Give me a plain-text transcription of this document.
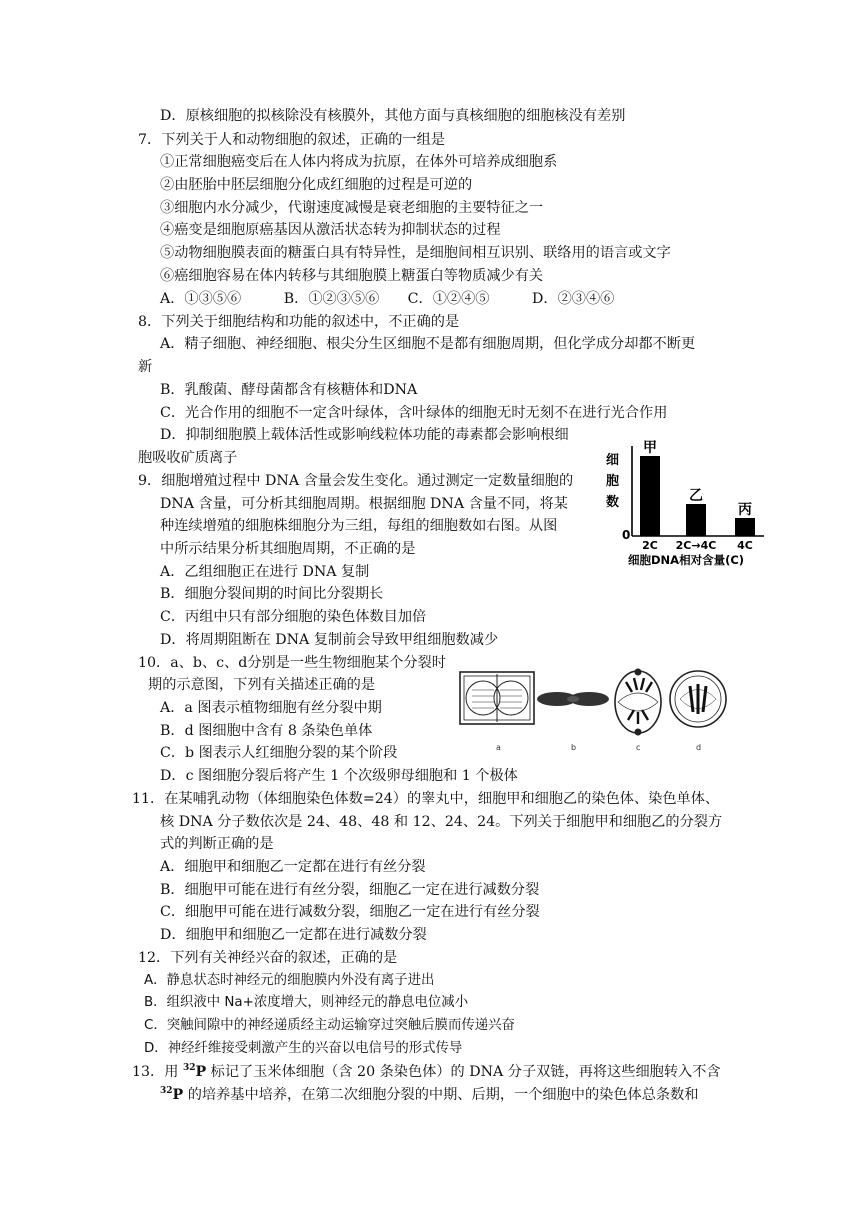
D．原核细胞的拟核除没有核膜外，其他方面与真核细胞的细胞核没有差别
7．下列关于人和动物细胞的叙述，正确的一组是
①正常细胞癌变后在人体内将成为抗原，在体外可培养成细胞系
②由胚胎中胚层细胞分化成红细胞的过程是可逆的
③细胞内水分减少，代谢速度减慢是衰老细胞的主要特征之一
④癌变是细胞原癌基因从激活状态转为抑制状态的过程
⑤动物细胞膜表面的糖蛋白具有特异性，是细胞间相互识别、联络用的语言或文字
⑥癌细胞容易在体内转移与其细胞膜上糖蛋白等物质减少有关
A．①③⑤⑥　　　B．①②③⑤⑥　　C．①②④⑤　　　D．②③④⑥
8．下列关于细胞结构和功能的叙述中，不正确的是
A．精子细胞、神经细胞、根尖分生区细胞不是都有细胞周期，但化学成分却都不断更
新
B．乳酸菌、酵母菌都含有核糖体和DNA
C．光合作用的细胞不一定含叶绿体，含叶绿体的细胞无时无刻不在进行光合作用
D．抑制细胞膜上载体活性或影响线粒体功能的毒素都会影响根细
胞吸收矿质离子
9．细胞增殖过程中 DNA 含量会发生变化。通过测定一定数量细胞的
DNA 含量，可分析其细胞周期。根据细胞 DNA 含量不同，将某
种连续增殖的细胞株细胞分为三组，每组的细胞数如右图。从图
中所示结果分析其细胞周期，不正确的是
A．乙组细胞正在进行 DNA 复制
B．细胞分裂间期的时间比分裂期长
C．丙组中只有部分细胞的染色体数目加倍
D．将周期阻断在 DNA 复制前会导致甲组细胞数减少
10．a、b、c、d分别是一些生物细胞某个分裂时
期的示意图，下列有关描述正确的是
A．a 图表示植物细胞有丝分裂中期
B．d 图细胞中含有 8 条染色单体
C．b 图表示人红细胞分裂的某个阶段
D．c 图细胞分裂后将产生 1 个次级卵母细胞和 1 个极体
11．在某哺乳动物（体细胞染色体数=24）的睾丸中，细胞甲和细胞乙的染色体、染色单体、
核 DNA 分子数依次是 24、48、48 和 12、24、24。下列关于细胞甲和细胞乙的分裂方
式的判断正确的是
A．细胞甲和细胞乙一定都在进行有丝分裂
B．细胞甲可能在进行有丝分裂，细胞乙一定在进行减数分裂
C．细胞甲可能在进行减数分裂，细胞乙一定在进行有丝分裂
D．细胞甲和细胞乙一定都在进行减数分裂
12．下列有关神经兴奋的叙述，正确的是
A．静息状态时神经元的细胞膜内外没有离子进出
B．组织液中 Na+浓度增大，则神经元的静息电位减小
C．突触间隙中的神经递质经主动运输穿过突触后膜而传递兴奋
D．神经纤维接受刺激产生的兴奋以电信号的形式传导
13．用 $^{32}$P 标记了玉米体细胞（含 20 条染色体）的 DNA 分子双链，再将这些细胞转入不含
$^{32}$P 的培养基中培养，在第二次细胞分裂的中期、后期，一个细胞中的染色体总条数和
细
胞
数
0
甲
2C
乙
2C→4C
丙
4C
细胞DNA相对含量(C)
a	b	c	d
